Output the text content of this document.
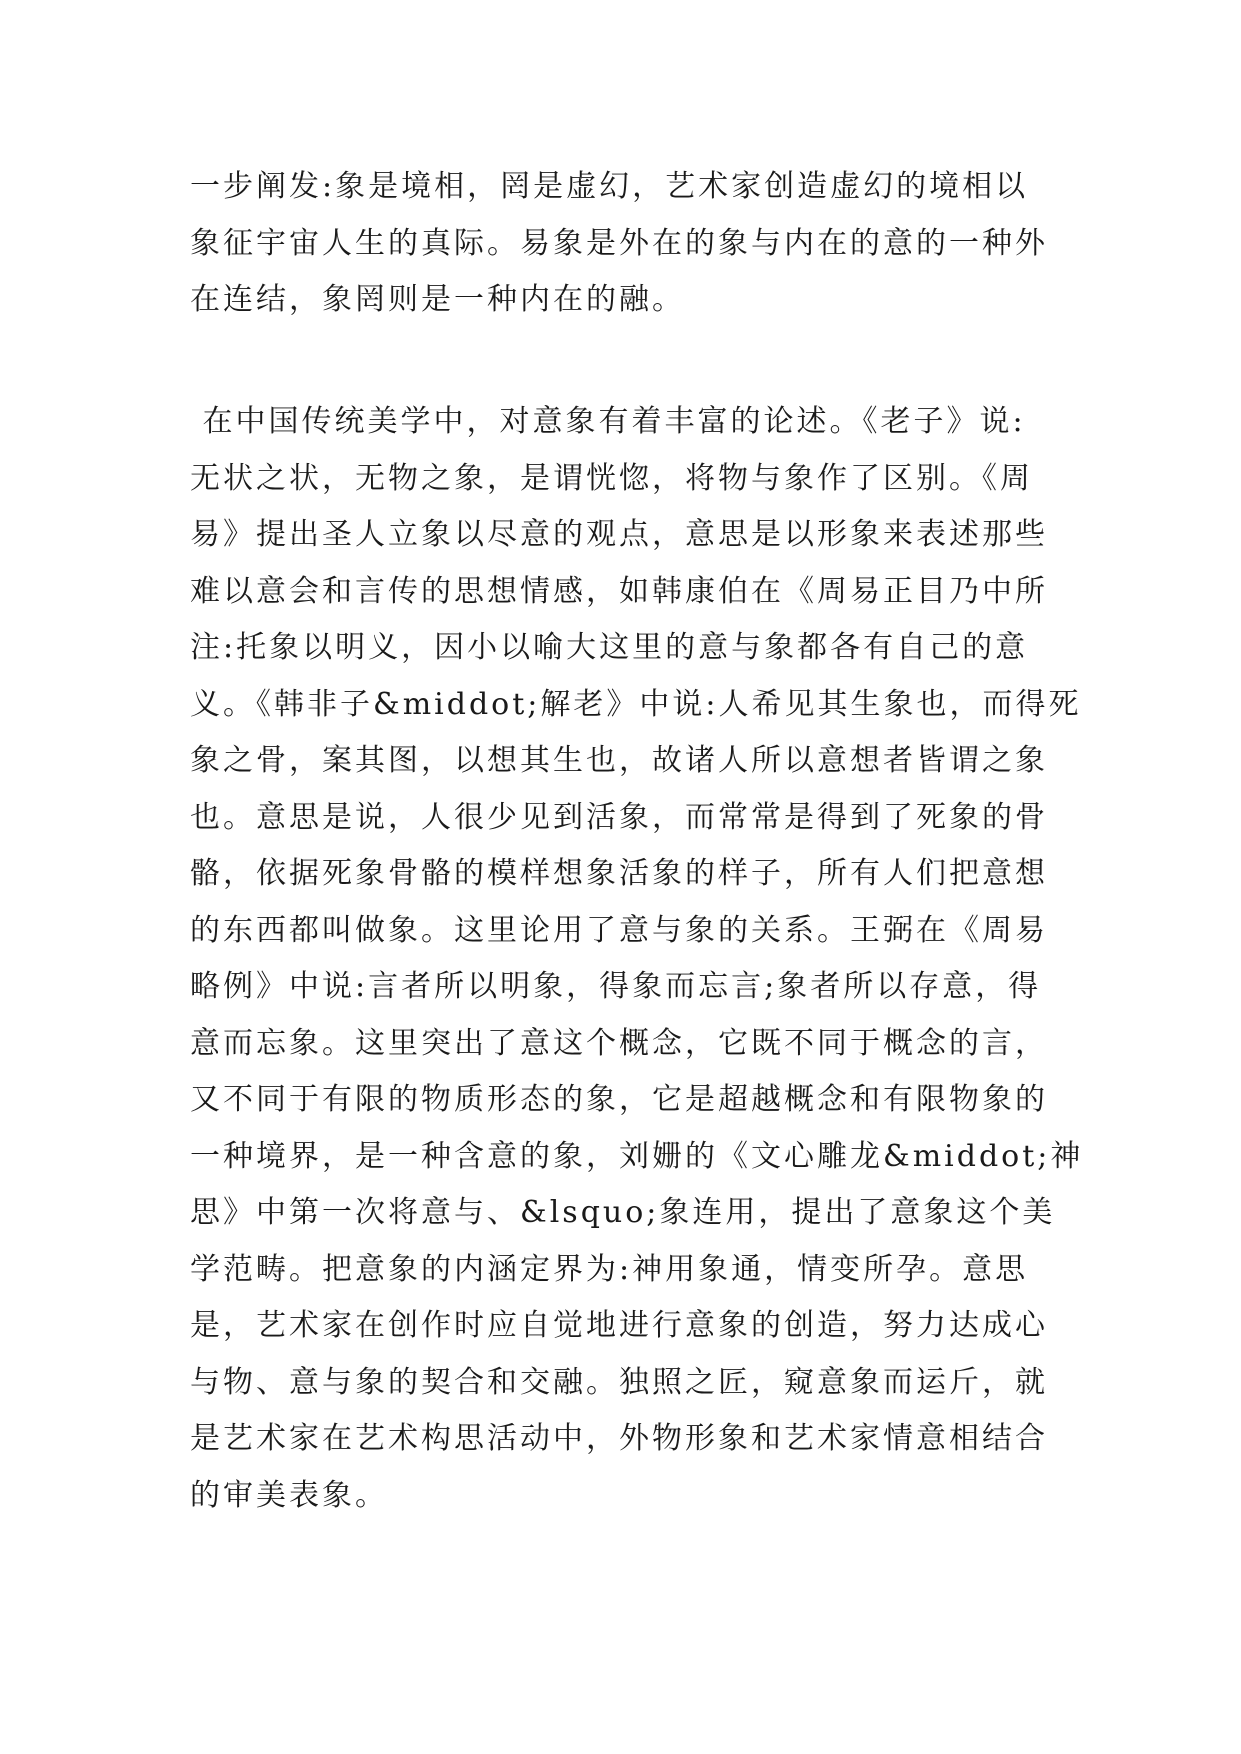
一步阐发:象是境相，罔是虚幻，艺术家创造虚幻的境相以
象征宇宙人生的真际。易象是外在的象与内在的意的一种外
在连结，象罔则是一种内在的融。
在中国传统美学中，对意象有着丰富的论述。《老子》说:
无状之状，无物之象，是谓恍惚，将物与象作了区别。《周
易》提出圣人立象以尽意的观点，意思是以形象来表述那些
难以意会和言传的思想情感，如韩康伯在《周易正目乃中所
注:托象以明义，因小以喻大这里的意与象都各有自己的意
义。《韩非子&middot;解老》中说:人希见其生象也，而得死
象之骨，案其图，以想其生也，故诸人所以意想者皆谓之象
也。意思是说，人很少见到活象，而常常是得到了死象的骨
骼，依据死象骨骼的模样想象活象的样子，所有人们把意想
的东西都叫做象。这里论用了意与象的关系。王弼在《周易
略例》中说:言者所以明象，得象而忘言;象者所以存意，得
意而忘象。这里突出了意这个概念，它既不同于概念的言，
又不同于有限的物质形态的象，它是超越概念和有限物象的
一种境界，是一种含意的象，刘姗的《文心雕龙&middot;神
思》中第一次将意与、&lsquo;象连用，提出了意象这个美
学范畴。把意象的内涵定界为:神用象通，情变所孕。意思
是，艺术家在创作时应自觉地进行意象的创造，努力达成心
与物、意与象的契合和交融。独照之匠，窥意象而运斤，就
是艺术家在艺术构思活动中，外物形象和艺术家情意相结合
的审美表象。
